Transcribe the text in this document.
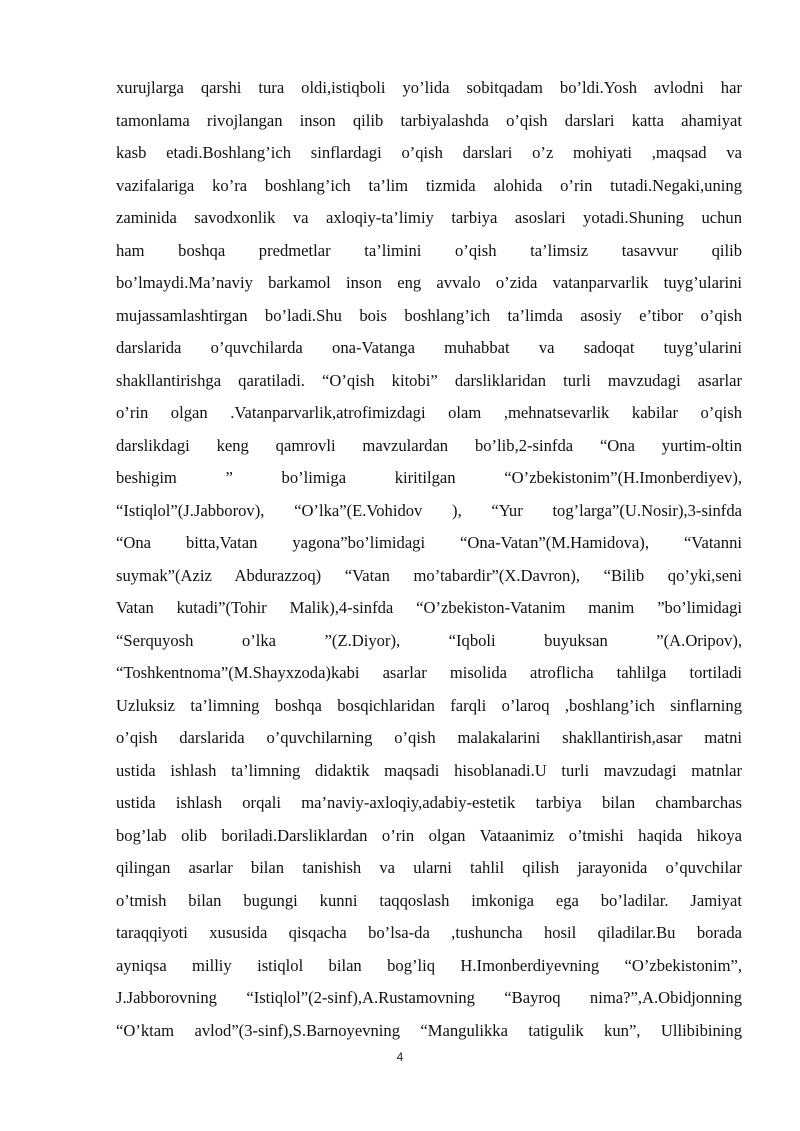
xurujlarga qarshi tura oldi,istiqboli yo’lida sobitqadam bo’ldi.Yosh avlodni har
tamonlama rivojlangan inson qilib tarbiyalashda o’qish darslari katta ahamiyat
kasb etadi.Boshlang’ich sinflardagi o’qish darslari o’z mohiyati ,maqsad va
vazifalariga ko’ra boshlang’ich ta’lim tizmida alohida o’rin tutadi.Negaki,uning
zaminida savodxonlik va axloqiy-ta’limiy tarbiya asoslari yotadi.Shuning uchun
ham boshqa predmetlar ta’limini o’qish ta’limsiz tasavvur qilib
bo’lmaydi.Ma’naviy barkamol inson eng avvalo o’zida vatanparvarlik tuyg’ularini
mujassamlashtirgan bo’ladi.Shu bois boshlang’ich ta’limda asosiy e’tibor o’qish
darslarida o’quvchilarda ona-Vatanga muhabbat va sadoqat tuyg’ularini
shakllantirishga qaratiladi. “O’qish kitobi” darsliklaridan turli mavzudagi asarlar
o’rin olgan .Vatanparvarlik,atrofimizdagi olam ,mehnatsevarlik kabilar o’qish
darslikdagi keng qamrovli mavzulardan bo’lib,2-sinfda “Ona yurtim-oltin
beshigim ” bo’limiga kiritilgan “O’zbekistonim”(H.Imonberdiyev),
“Istiqlol”(J.Jabborov), “O’lka”(E.Vohidov ), “Yur tog’larga”(U.Nosir),3-sinfda
“Ona bitta,Vatan yagona”bo’limidagi “Ona-Vatan”(M.Hamidova), “Vatanni
suymak”(Aziz Abdurazzoq) “Vatan mo’tabardir”(X.Davron), “Bilib qo’yki,seni
Vatan kutadi”(Tohir Malik),4-sinfda “O’zbekiston-Vatanim manim ”bo’limidagi
“Serquyosh o’lka ”(Z.Diyor), “Iqboli buyuksan ”(A.Oripov),
“Toshkentnoma”(M.Shayxzoda)kabi asarlar misolida atroflicha tahlilga tortiladi
Uzluksiz ta’limning boshqa bosqichlaridan farqli o’laroq ,boshlang’ich sinflarning
o’qish darslarida o’quvchilarning o’qish malakalarini shakllantirish,asar matni
ustida ishlash ta’limning didaktik maqsadi hisoblanadi.U turli mavzudagi matnlar
ustida ishlash orqali ma’naviy-axloqiy,adabiy-estetik tarbiya bilan chambarchas
bog’lab olib boriladi.Darsliklardan o’rin olgan Vataanimiz o’tmishi haqida hikoya
qilingan asarlar bilan tanishish va ularni tahlil qilish jarayonida o’quvchilar
o’tmish bilan bugungi kunni taqqoslash imkoniga ega bo’ladilar. Jamiyat
taraqqiyoti xususida qisqacha bo’lsa-da ,tushuncha hosil qiladilar.Bu borada
ayniqsa milliy istiqlol bilan bog’liq H.Imonberdiyevning “O’zbekistonim”,
J.Jabborovning “Istiqlol”(2-sinf),A.Rustamovning “Bayroq nima?”,A.Obidjonning
“O’ktam avlod”(3-sinf),S.Barnoyevning “Mangulikka tatigulik kun”, Ullibibining
4
